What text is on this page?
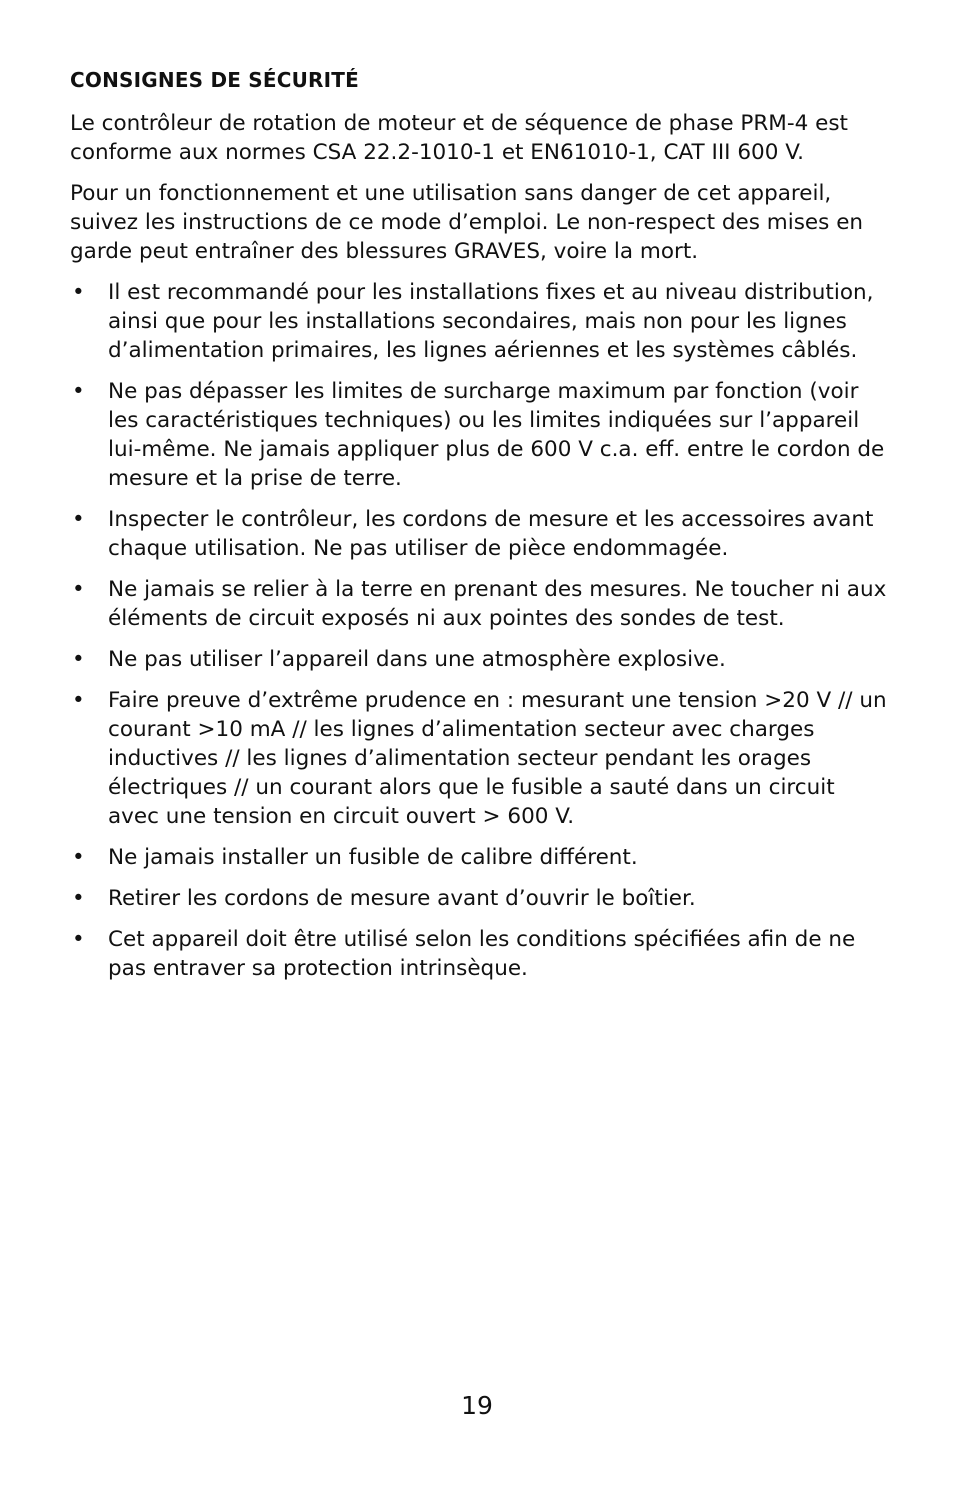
CONSIGNES DE SÉCURITÉ

Le contrôleur de rotation de moteur et de séquence de phase PRM-4 est conforme aux normes CSA 22.2-1010-1 et EN61010-1, CAT III 600 V.

Pour un fonctionnement et une utilisation sans danger de cet appareil, suivez les instructions de ce mode d’emploi. Le non-respect des mises en garde peut entraîner des blessures GRAVES, voire la mort.

• Il est recommandé pour les installations fixes et au niveau distribution, ainsi que pour les installations secondaires, mais non pour les lignes d’alimentation primaires, les lignes aériennes et les systèmes câblés.
• Ne pas dépasser les limites de surcharge maximum par fonction (voir les caractéristiques techniques) ou les limites indiquées sur l’appareil lui-même. Ne jamais appliquer plus de 600 V c.a. eff. entre le cordon de mesure et la prise de terre.
• Inspecter le contrôleur, les cordons de mesure et les accessoires avant chaque utilisation. Ne pas utiliser de pièce endommagée.
• Ne jamais se relier à la terre en prenant des mesures. Ne toucher ni aux éléments de circuit exposés ni aux pointes des sondes de test.
• Ne pas utiliser l’appareil dans une atmosphère explosive.
• Faire preuve d’extrême prudence en : mesurant une tension >20 V // un courant >10 mA // les lignes d’alimentation secteur avec charges inductives // les lignes d’alimentation secteur pendant les orages électriques // un courant alors que le fusible a sauté dans un circuit avec une tension en circuit ouvert > 600 V.
• Ne jamais installer un fusible de calibre différent.
• Retirer les cordons de mesure avant d’ouvrir le boîtier.
• Cet appareil doit être utilisé selon les conditions spécifiées afin de ne pas entraver sa protection intrinsèque.
19
